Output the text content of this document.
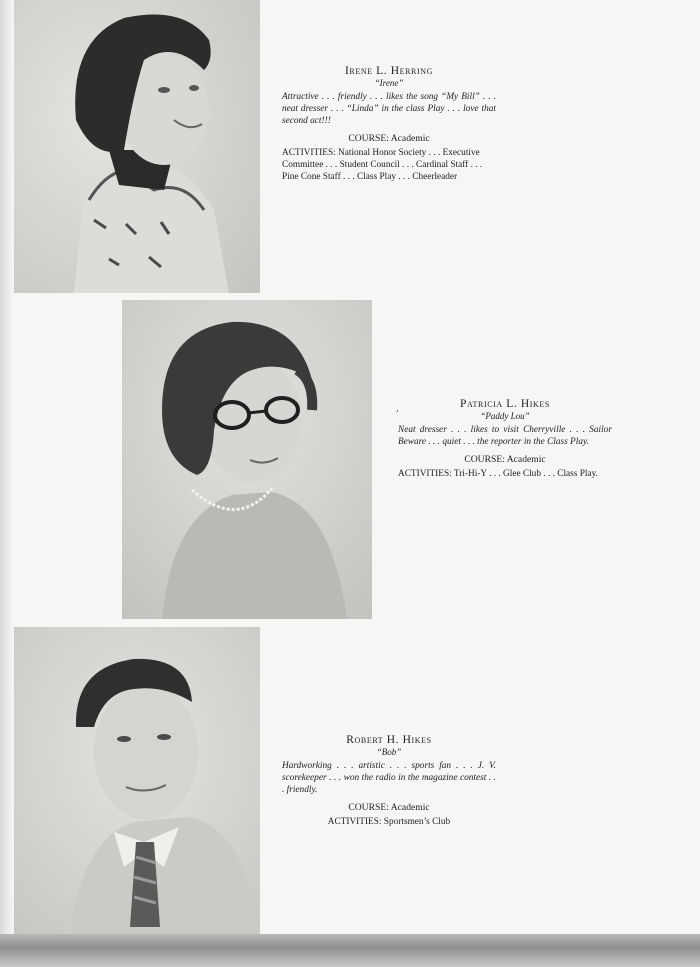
Irene L. Herring
“Irene”
Attractive . . . friendly . . . likes the song “My Bill” . . . neat dresser . . . “Linda” in the class Play . . . love that second act!!!
COURSE: Academic
ACTIVITIES: National Honor Society . . . Executive Committee . . . Student Council . . . Cardinal Staff . . . Pine Cone Staff . . . Class Play . . . Cheerleader
,	Patricia L. Hikes
“Paddy Lou”
Neat dresser . . . likes to visit Cherryville . . . Sailor Beware . . . quiet . . . the reporter in the Class Play.
COURSE: Academic
ACTIVITIES: Tri-Hi-Y . . . Glee Club . . . Class Play.
Robert H. Hikes
“Bob”
Hardworking . . . artistic . . . sports fan . . . J. V. scorekeeper . . . won the radio in the magazine contest . . . friendly.
COURSE: Academic
ACTIVITIES: Sportsmen’s Club
